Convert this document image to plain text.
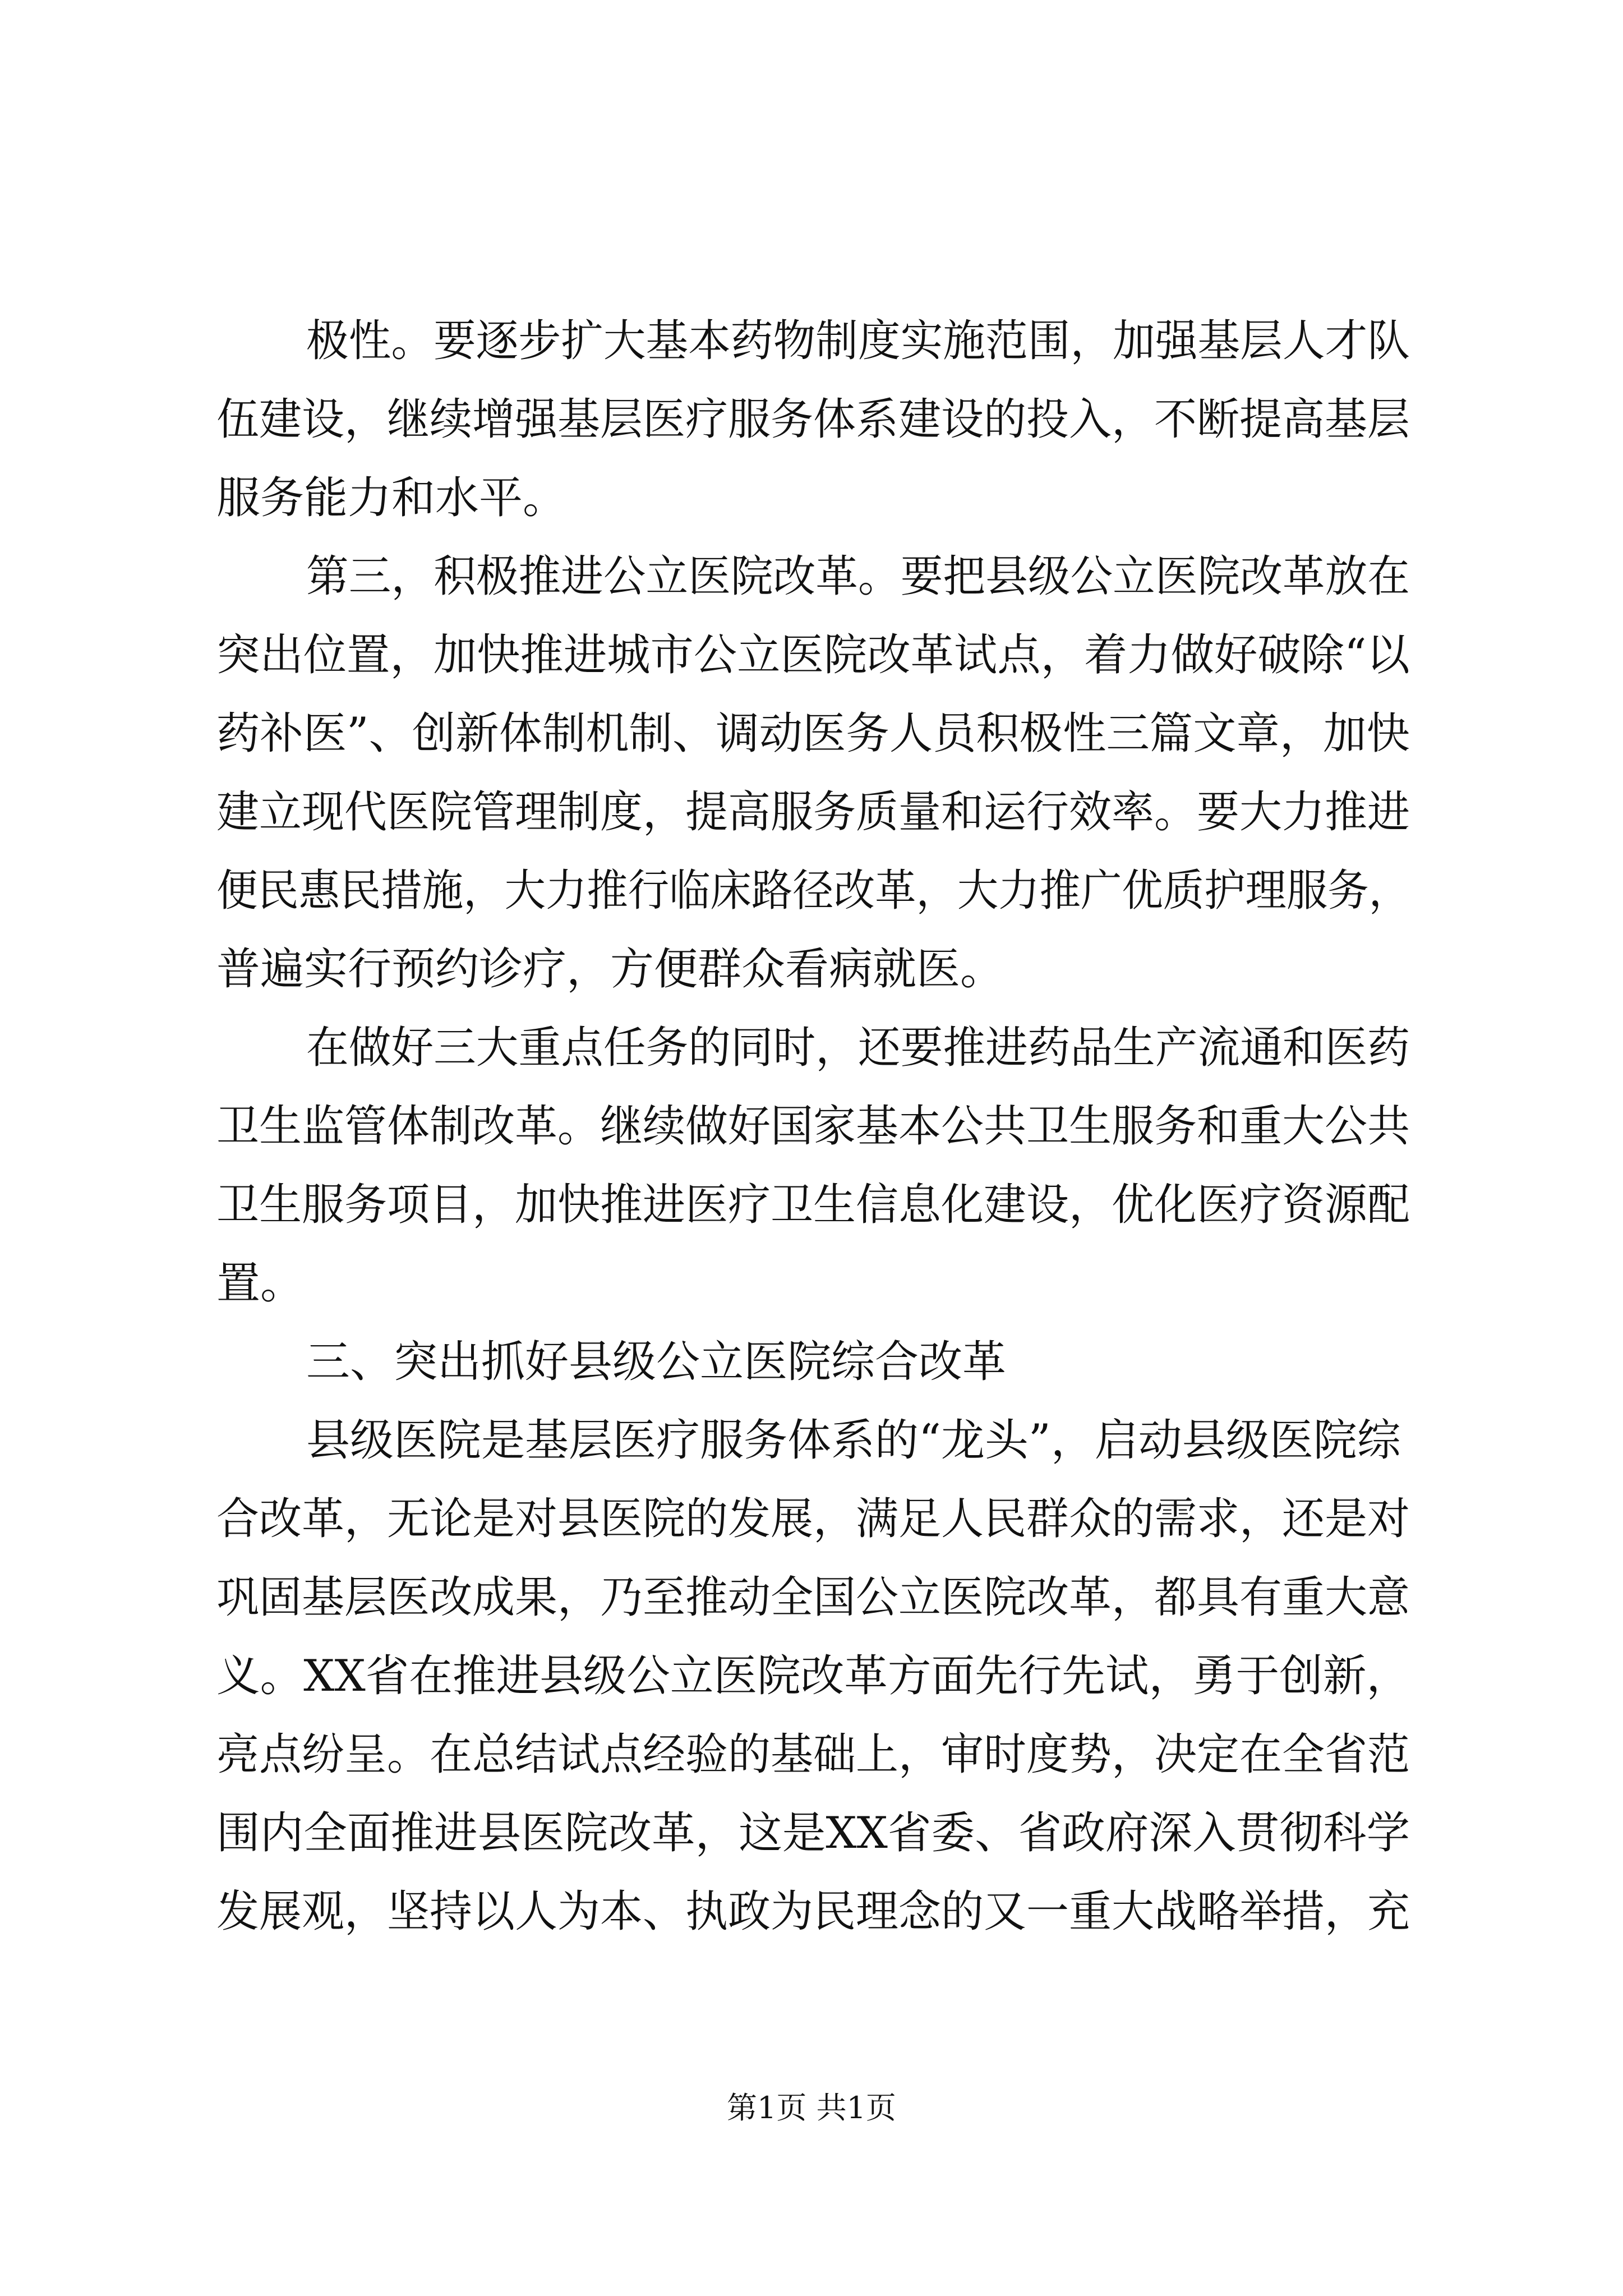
极性。要逐步扩大基本药物制度实施范围，加强基层人才队
伍建设，继续增强基层医疗服务体系建设的投入，不断提高基层
服务能力和水平。
第三，积极推进公立医院改革。要把县级公立医院改革放在
突出位置，加快推进城市公立医院改革试点，着力做好破除“以
药补医”、创新体制机制、调动医务人员积极性三篇文章，加快
建立现代医院管理制度，提高服务质量和运行效率。要大力推进
便民惠民措施，大力推行临床路径改革，大力推广优质护理服务，
普遍实行预约诊疗，方便群众看病就医。
在做好三大重点任务的同时，还要推进药品生产流通和医药
卫生监管体制改革。继续做好国家基本公共卫生服务和重大公共
卫生服务项目，加快推进医疗卫生信息化建设，优化医疗资源配
置。
三、突出抓好县级公立医院综合改革
县级医院是基层医疗服务体系的“龙头”，启动县级医院综
合改革，无论是对县医院的发展，满足人民群众的需求，还是对
巩固基层医改成果，乃至推动全国公立医院改革，都具有重大意
义。XX省在推进县级公立医院改革方面先行先试，勇于创新，
亮点纷呈。在总结试点经验的基础上，审时度势，决定在全省范
围内全面推进县医院改革，这是XX省委、省政府深入贯彻科学
发展观，坚持以人为本、执政为民理念的又一重大战略举措，充
第1页 共1页
